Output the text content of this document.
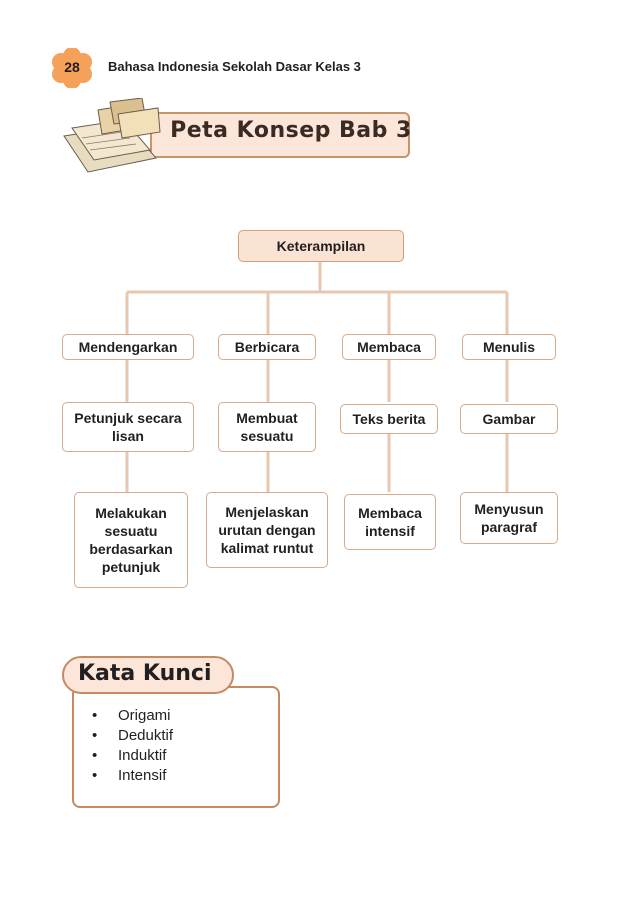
28	Bahasa Indonesia Sekolah Dasar Kelas 3
Peta Konsep Bab 3
Keterampilan
Mendengarkan	Berbicara	Membaca	Menulis
Petunjuk secara
lisan
Membuat
sesuatu
Teks berita	Gambar
Melakukan
sesuatu
berdasarkan
petunjuk
Menjelaskan
urutan dengan
kalimat runtut
Membaca
intensif
Menyusun
paragraf
Kata Kunci
• Origami
• Deduktif
• Induktif
• Intensif
